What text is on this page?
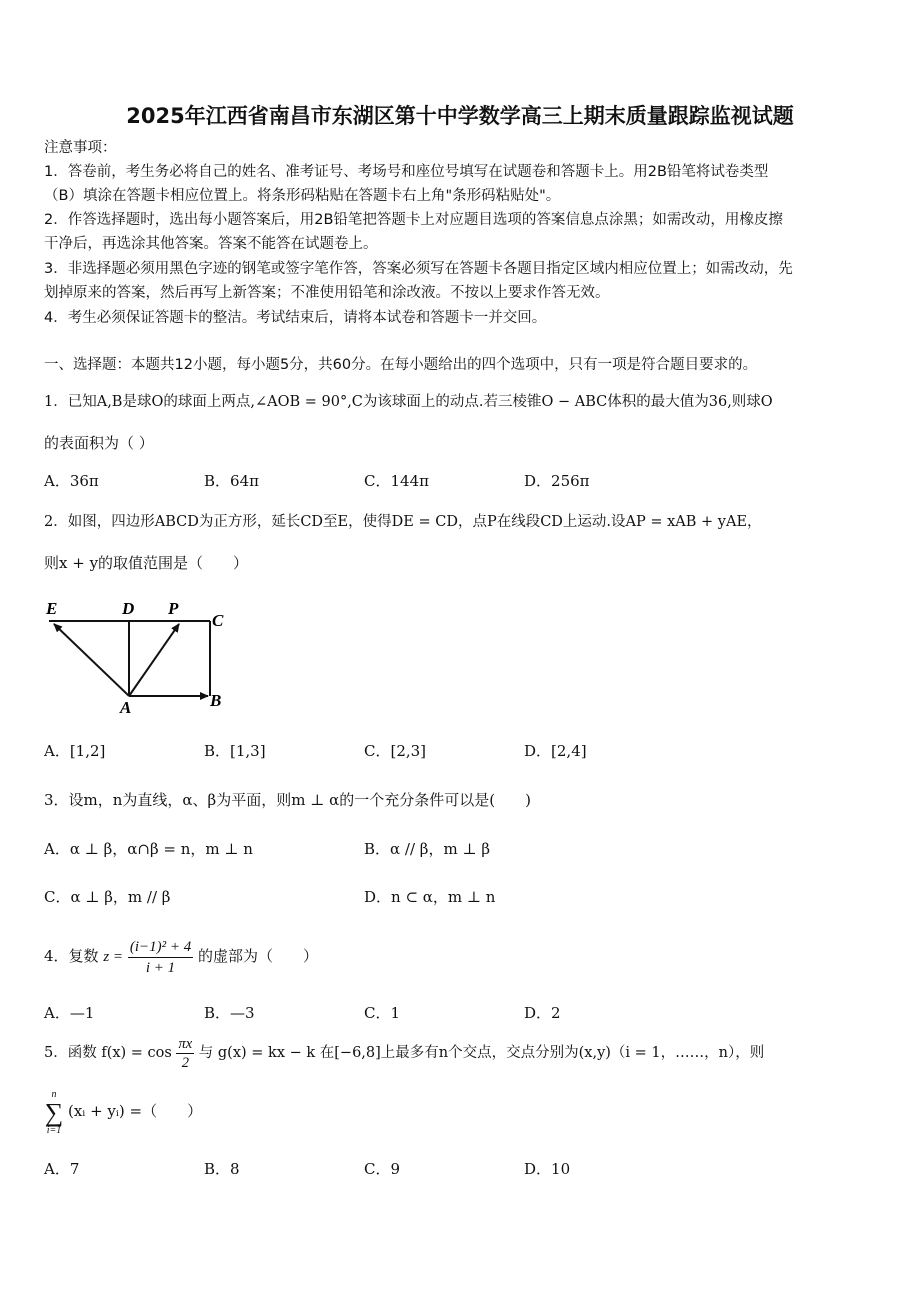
2025年江西省南昌市东湖区第十中学数学高三上期末质量跟踪监视试题
注意事项：
1．答卷前，考生务必将自己的姓名、准考证号、考场号和座位号填写在试题卷和答题卡上。用2B铅笔将试卷类型
（B）填涂在答题卡相应位置上。将条形码粘贴在答题卡右上角"条形码粘贴处"。
2．作答选择题时，选出每小题答案后，用2B铅笔把答题卡上对应题目选项的答案信息点涂黑；如需改动，用橡皮擦
干净后，再选涂其他答案。答案不能答在试题卷上。
3．非选择题必须用黑色字迹的钢笔或签字笔作答，答案必须写在答题卡各题目指定区域内相应位置上；如需改动，先
划掉原来的答案，然后再写上新答案；不准使用铅笔和涂改液。不按以上要求作答无效。
4．考生必须保证答题卡的整洁。考试结束后，请将本试卷和答题卡一并交回。
一、选择题：本题共12小题，每小题5分，共60分。在每小题给出的四个选项中，只有一项是符合题目要求的。
1．已知A,B是球O的球面上两点,∠AOB = 90°,C为该球面上的动点.若三棱锥O − ABC体积的最大值为36,则球O
的表面积为（ ）
A．36π	B．64π	C．144π	D．256π
2．如图，四边形ABCD为正方形，延长CD至E，使得DE = CD，点P在线段CD上运动.设AP = xAB + yAE，
则x + y的取值范围是（　　）
E	D P
C
A	B
A．[1,2]	B．[1,3]	C．[2,3]	D．[2,4]
3．设m，n为直线，α、β为平面，则m ⊥ α的一个充分条件可以是(　　)
A．α ⊥ β，α∩β = n，m ⊥ n	B．α // β，m ⊥ β
C．α ⊥ β，m // β	D．n ⊂ α，m ⊥ n
4．复数 $z = \frac{\text{(i−1)² + 4}}{i + 1}$ 的虚部为（　　）
A．—1	B．—3	C．1	D．2
5．函数 $f(x) = \cos \frac{\pi x}{2}$ 与 g(x) = kx − k 在[−6,8]上最多有n个交点，交点分别为(x,y)（i = 1，……，n），则
n
∑
i=1
(xᵢ + yᵢ) =（　　）
A．7	B．8	C．9	D．10
